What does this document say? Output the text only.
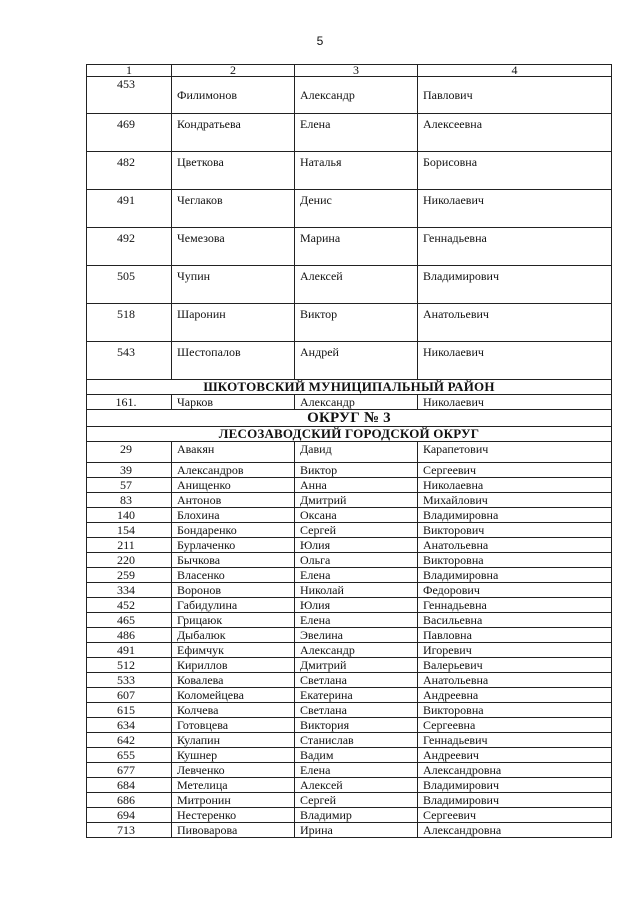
5
1	2	3	4
453	Филимонов	Александр	Павлович
469	Кондратьева	Елена	Алексеевна
482	Цветкова	Наталья	Борисовна
491	Чеглаков	Денис	Николаевич
492	Чемезова	Марина	Геннадьевна
505	Чупин	Алексей	Владимирович
518	Шаронин	Виктор	Анатольевич
543	Шестопалов	Андрей	Николаевич
ШКОТОВСКИЙ МУНИЦИПАЛЬНЫЙ РАЙОН			
161.	Чарков	Александр	Николаевич
ОКРУГ № 3			
ЛЕСОЗАВОДСКИЙ ГОРОДСКОЙ ОКРУГ			
29	Авакян	Давид	Карапетович
39	Александров	Виктор	Сергеевич
57	Анищенко	Анна	Николаевна
83	Антонов	Дмитрий	Михайлович
140	Блохина	Оксана	Владимировна
154	Бондаренко	Сергей	Викторович
211	Бурлаченко	Юлия	Анатольевна
220	Бычкова	Ольга	Викторовна
259	Власенко	Елена	Владимировна
334	Воронов	Николай	Федорович
452	Габидулина	Юлия	Геннадьевна
465	Грицаюк	Елена	Васильевна
486	Дыбалюк	Эвелина	Павловна
491	Ефимчук	Александр	Игоревич
512	Кириллов	Дмитрий	Валерьевич
533	Ковалева	Светлана	Анатольевна
607	Коломейцева	Екатерина	Андреевна
615	Колчева	Светлана	Викторовна
634	Готовцева	Виктория	Сергеевна
642	Кулапин	Станислав	Геннадьевич
655	Кушнер	Вадим	Андреевич
677	Левченко	Елена	Александровна
684	Метелица	Алексей	Владимирович
686	Митронин	Сергей	Владимирович
694	Нестеренко	Владимир	Сергеевич
713	Пивоварова	Ирина	Александровна
